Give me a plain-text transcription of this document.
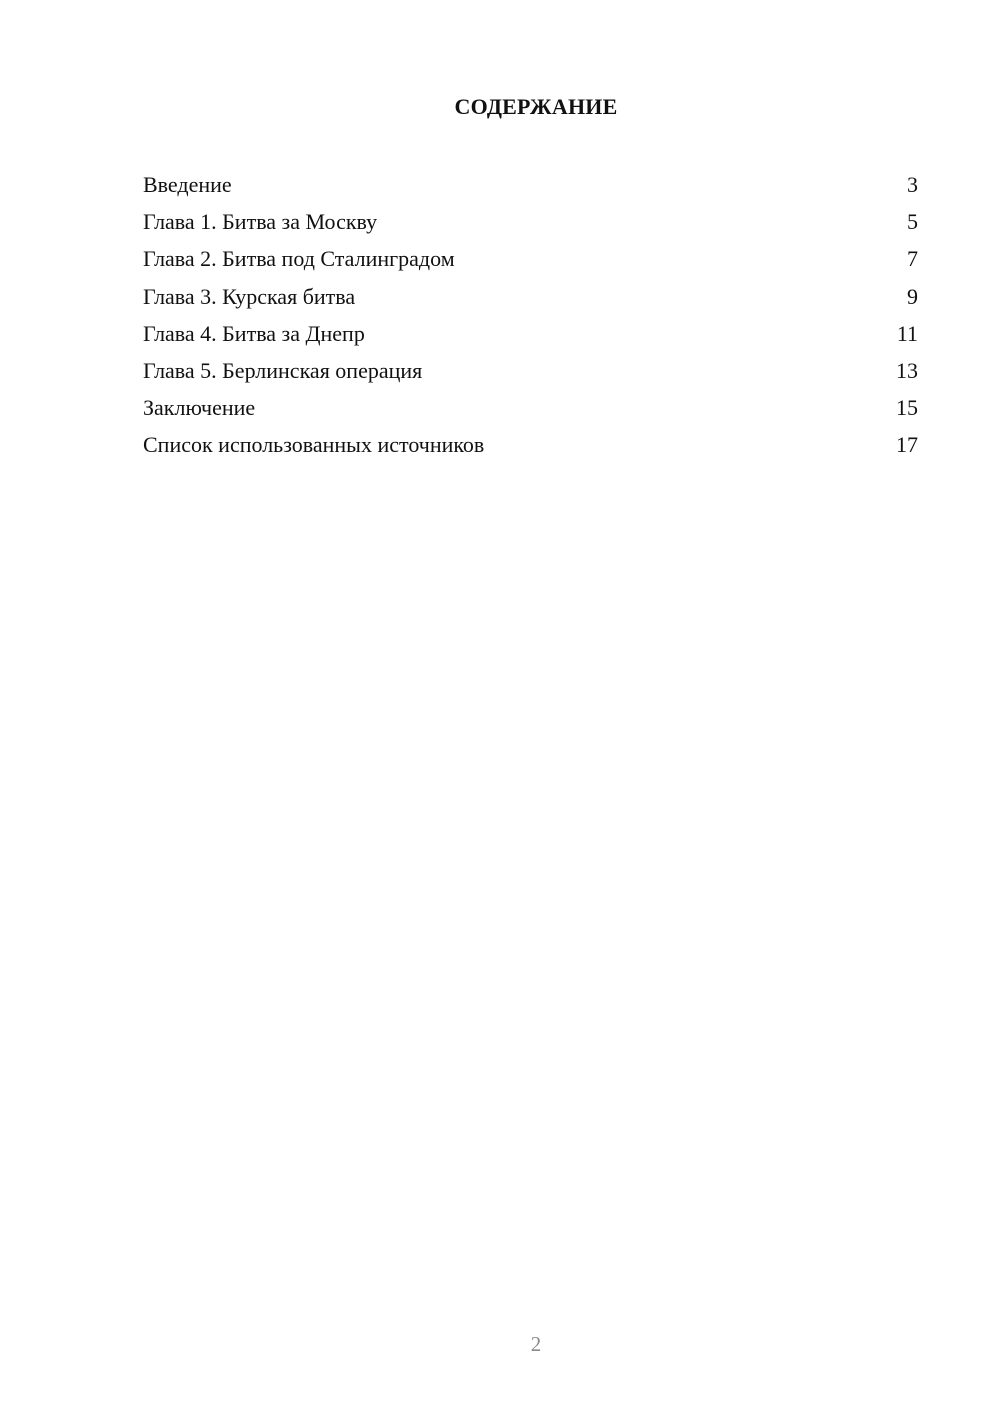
СОДЕРЖАНИЕ
Введение	3
Глава 1. Битва за Москву	5
Глава 2. Битва под Сталинградом	7
Глава 3. Курская битва	9
Глава 4. Битва за Днепр	11
Глава 5. Берлинская операция	13
Заключение	15
Список использованных источников	17
2
